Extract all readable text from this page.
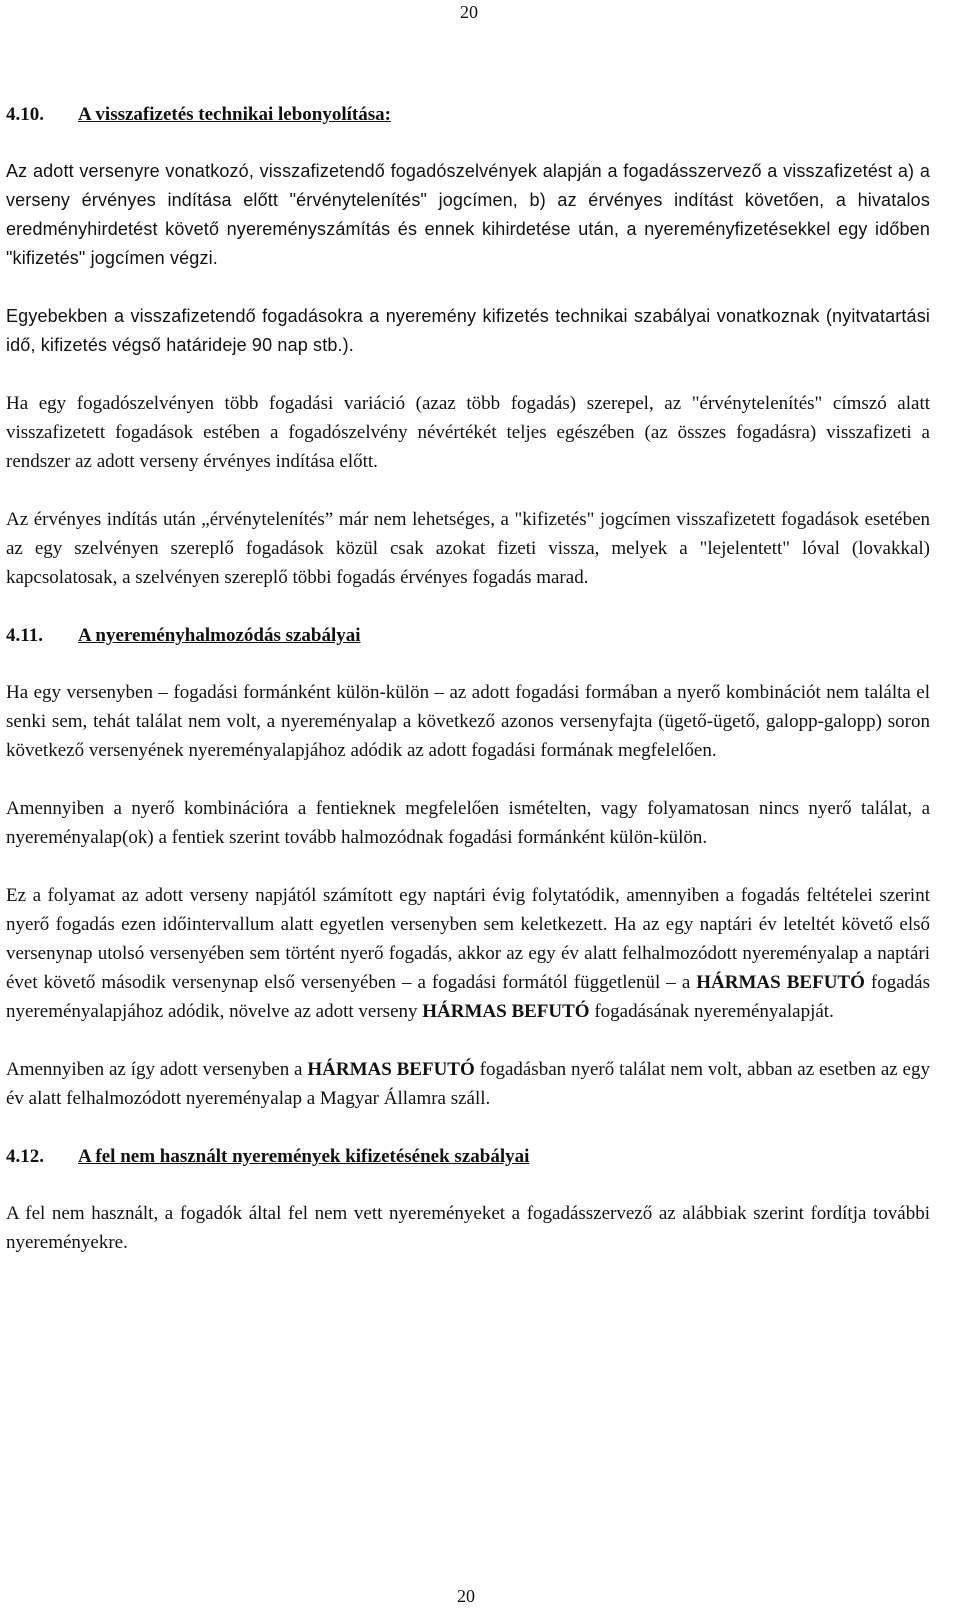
20
4.10. A visszafizetés technikai lebonyolítása:

Az adott versenyre vonatkozó, visszafizetendő fogadószelvények alapján a fogadásszervező a visszafizetést a) a verseny érvényes indítása előtt "érvénytelenítés" jogcímen, b) az érvényes indítást követően, a hivatalos eredményhirdetést követő nyereményszámítás és ennek kihirdetése után, a nyereményfizetésekkel egy időben "kifizetés" jogcímen végzi.

Egyebekben a visszafizetendő fogadásokra a nyeremény kifizetés technikai szabályai vonatkoznak (nyitvatartási idő, kifizetés végső határideje 90 nap stb.).

Ha egy fogadószelvényen több fogadási variáció (azaz több fogadás) szerepel, az "érvénytelenítés" címszó alatt visszafizetett fogadások estében a fogadószelvény névértékét teljes egészében (az összes fogadásra) visszafizeti a rendszer az adott verseny érvényes indítása előtt.

Az érvényes indítás után „érvénytelenítés” már nem lehetséges, a "kifizetés" jogcímen visszafizetett fogadások esetében az egy szelvényen szereplő fogadások közül csak azokat fizeti vissza, melyek a "lejelentett" lóval (lovakkal) kapcsolatosak, a szelvényen szereplő többi fogadás érvényes fogadás marad.

4.11. A nyereményhalmozódás szabályai

Ha egy versenyben – fogadási formánként külön-külön – az adott fogadási formában a nyerő kombinációt nem találta el senki sem, tehát találat nem volt, a nyereményalap a következő azonos versenyfajta (ügető-ügető, galopp-galopp) soron következő versenyének nyereményalapjához adódik az adott fogadási formának megfelelően.

Amennyiben a nyerő kombinációra a fentieknek megfelelően ismételten, vagy folyamatosan nincs nyerő találat, a nyereményalap(ok) a fentiek szerint tovább halmozódnak fogadási formánként külön-külön.

Ez a folyamat az adott verseny napjától számított egy naptári évig folytatódik, amennyiben a fogadás feltételei szerint nyerő fogadás ezen időintervallum alatt egyetlen versenyben sem keletkezett. Ha az egy naptári év leteltét követő első versenynap utolsó versenyében sem történt nyerő fogadás, akkor az egy év alatt felhalmozódott nyereményalap a naptári évet követő második versenynap első versenyében – a fogadási formától függetlenül – a HÁRMAS BEFUTÓ fogadás nyereményalapjához adódik, növelve az adott verseny HÁRMAS BEFUTÓ fogadásának nyereményalapját.

Amennyiben az így adott versenyben a HÁRMAS BEFUTÓ fogadásban nyerő találat nem volt, abban az esetben az egy év alatt felhalmozódott nyereményalap a Magyar Államra száll.

4.12. A fel nem használt nyeremények kifizetésének szabályai

A fel nem használt, a fogadók által fel nem vett nyereményeket a fogadásszervező az alábbiak szerint fordítja további nyereményekre.

20
